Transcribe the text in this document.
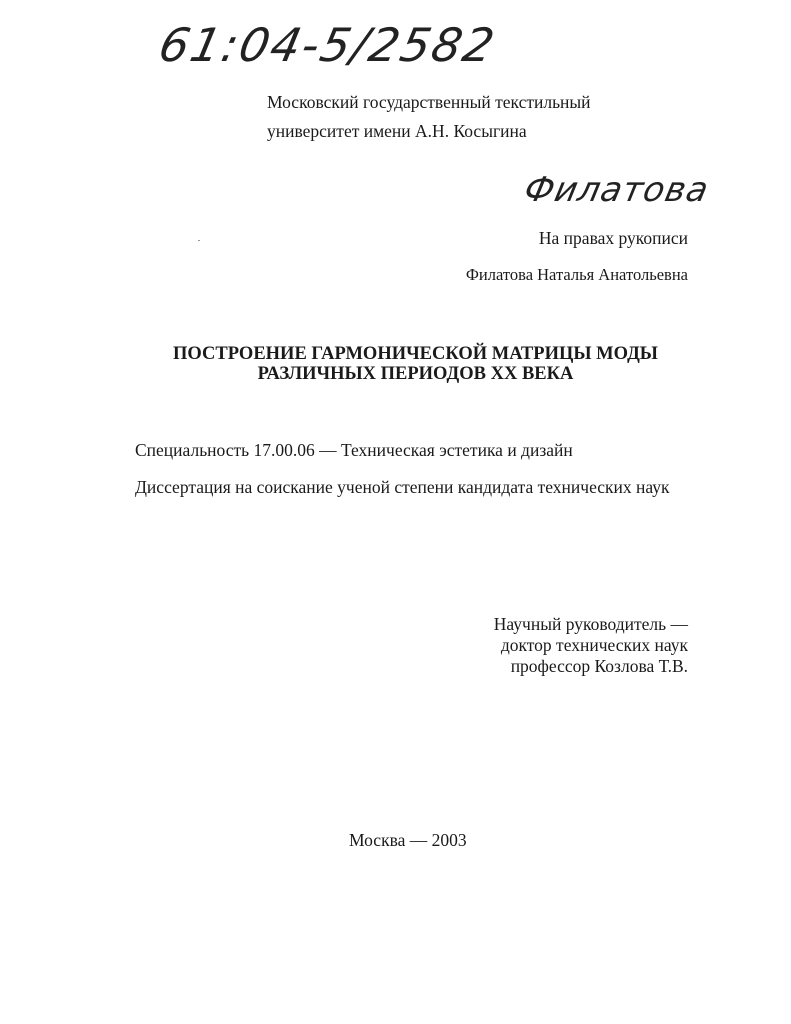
61:04-5/2582
Филатова
Московский государственный текстильный
университет имени А.Н. Косыгина
На правах рукописи
Филатова Наталья Анатольевна
ПОСТРОЕНИЕ ГАРМОНИЧЕСКОЙ МАТРИЦЫ МОДЫ
РАЗЛИЧНЫХ ПЕРИОДОВ XX ВЕКА
Специальность 17.00.06 — Техническая эстетика и дизайн
Диссертация на соискание ученой степени кандидата технических наук
Научный руководитель —
доктор технических наук
профессор Козлова Т.В.
Москва — 2003
